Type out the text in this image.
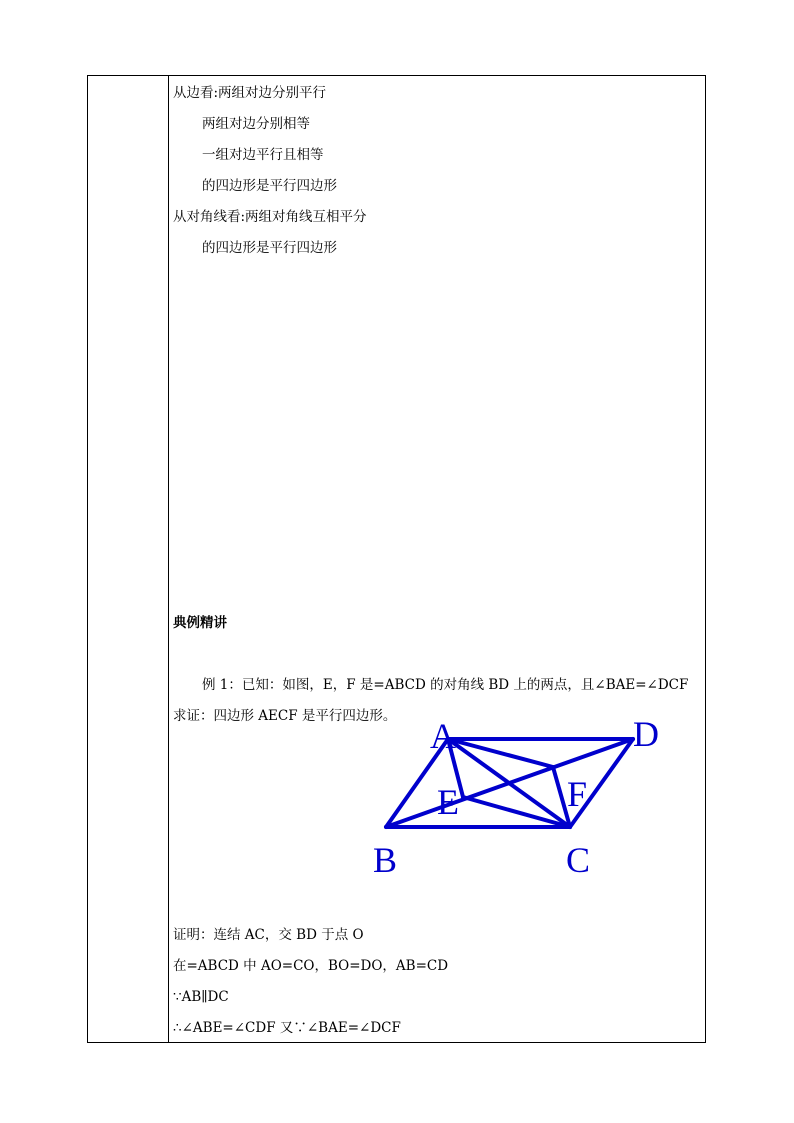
从边看:两组对边分别平行
两组对边分别相等
一组对边平行且相等
的四边形是平行四边形
从对角线看:两组对角线互相平分
的四边形是平行四边形
典例精讲
例 1：已知：如图，E，F 是=ABCD 的对角线 BD 上的两点，且∠BAE=∠DCF
求证：四边形 AECF 是平行四边形。 A	D
B	C
E	F
证明：连结 AC，交 BD 于点 O
在=ABCD 中 AO=CO，BO=DO，AB=CD
∵AB∥DC
∴∠ABE=∠CDF 又∵∠BAE=∠DCF
